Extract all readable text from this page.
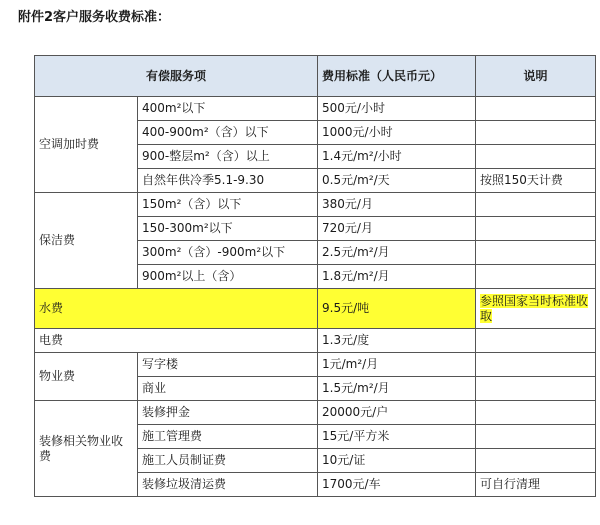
附件2客户服务收费标准：
有偿服务项		费用标准（人民币元）	说明
空调加时费	400m²以下	500元/小时	
	400-900m²（含）以下	1000元/小时	
	900-整层m²（含）以上	1.4元/m²/小时	
	自然年供冷季5.1-9.30	0.5元/m²/天	按照150天计费
保洁费	150m²（含）以下	380元/月	
	150-300m²以下	720元/月	
	300m²（含）-900m²以下	2.5元/m²/月	
	900m²以上（含）	1.8元/m²/月	
水费		9.5元/吨	参照国家当时标准收取
电费		1.3元/度	
物业费	写字楼	1元/m²/月	
	商业	1.5元/m²/月	
装修相关物业收费	装修押金	20000元/户	
	施工管理费	15元/平方米	
	施工人员制证费	10元/证	
	装修垃圾清运费	1700元/车	可自行清理
